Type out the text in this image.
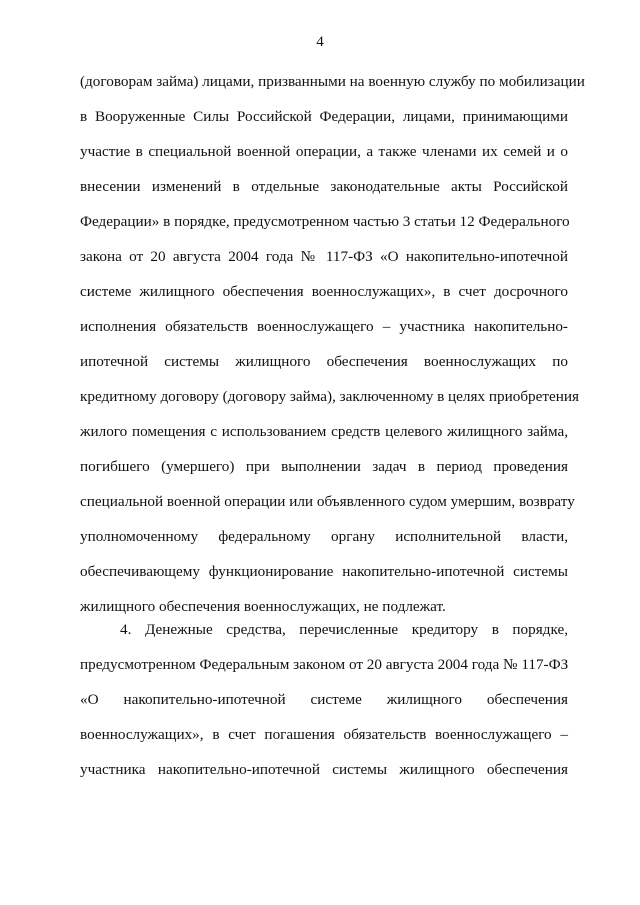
4
(договорам займа) лицами, призванными на военную службу по мобилизации
в Вооруженные Силы Российской Федерации, лицами, принимающими
участие в специальной военной операции, а также членами их семей и о
внесении изменений в отдельные законодательные акты Российской
Федерации» в порядке, предусмотренном частью 3 статьи 12 Федерального
закона от 20 августа 2004 года № 117-ФЗ «О накопительно-ипотечной
системе жилищного обеспечения военнослужащих», в счет досрочного
исполнения обязательств военнослужащего – участника накопительно-
ипотечной системы жилищного обеспечения военнослужащих по
кредитному договору (договору займа), заключенному в целях приобретения
жилого помещения с использованием средств целевого жилищного займа,
погибшего (умершего) при выполнении задач в период проведения
специальной военной операции или объявленного судом умершим, возврату
уполномоченному федеральному органу исполнительной власти,
обеспечивающему функционирование накопительно-ипотечной системы
жилищного обеспечения военнослужащих, не подлежат.
4. Денежные средства, перечисленные кредитору в порядке,
предусмотренном Федеральным законом от 20 августа 2004 года № 117-ФЗ
«О накопительно-ипотечной системе жилищного обеспечения
военнослужащих», в счет погашения обязательств военнослужащего –
участника накопительно-ипотечной системы жилищного обеспечения
